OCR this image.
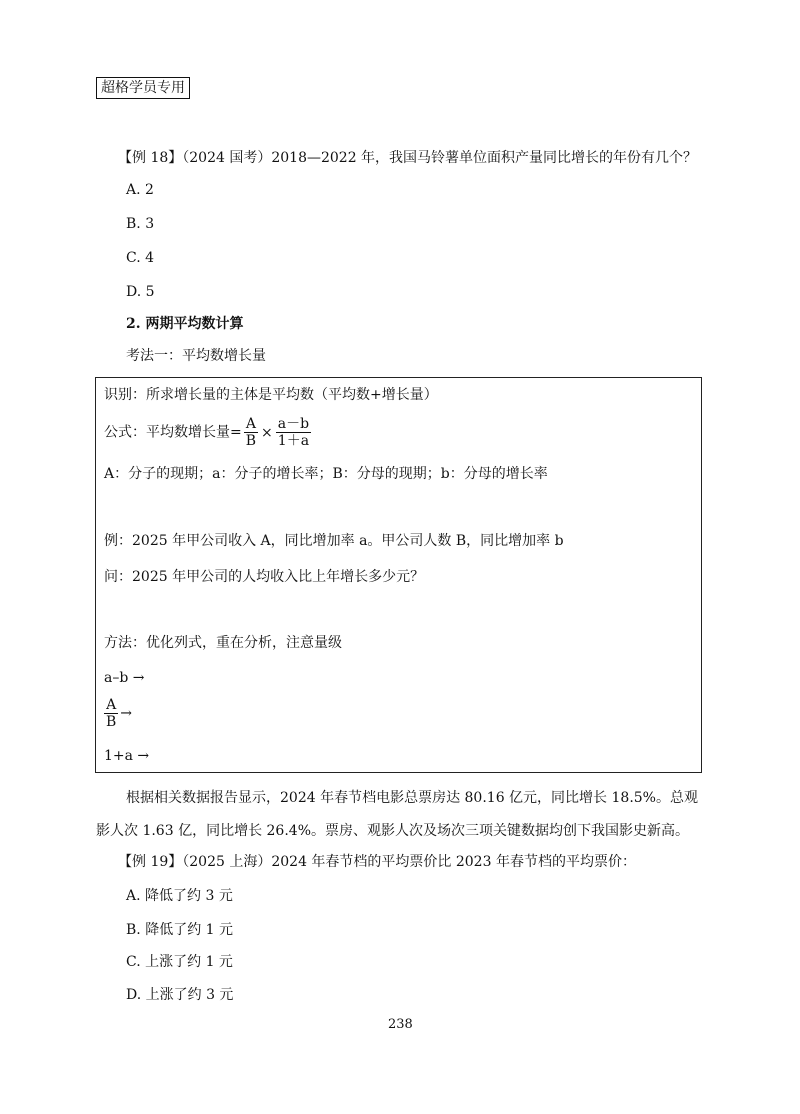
超格学员专用
【例 18】（2024 国考）2018—2022 年，我国马铃薯单位面积产量同比增长的年份有几个？
A. 2
B. 3
C. 4
D. 5
2. 两期平均数计算
考法一：平均数增长量
识别：所求增长量的主体是平均数（平均数+增长量）
公式：平均数增长量= $\frac{A}{B} \times \frac{a-b}{1+a}$
A：分子的现期；a：分子的增长率；B：分母的现期；b：分母的增长率
例：2025 年甲公司收入 A，同比增加率 a。甲公司人数 B，同比增加率 b
问：2025 年甲公司的人均收入比上年增长多少元？
方法：优化列式，重在分析，注意量级
a–b →
$\frac{A}{B}$ →
1+a →
根据相关数据报告显示，2024 年春节档电影总票房达 80.16 亿元，同比增长 18.5%。总观
影人次 1.63 亿，同比增长 26.4%。票房、观影人次及场次三项关键数据均创下我国影史新高。
【例 19】（2025 上海）2024 年春节档的平均票价比 2023 年春节档的平均票价：
A. 降低了约 3 元
B. 降低了约 1 元
C. 上涨了约 1 元
D. 上涨了约 3 元
238
